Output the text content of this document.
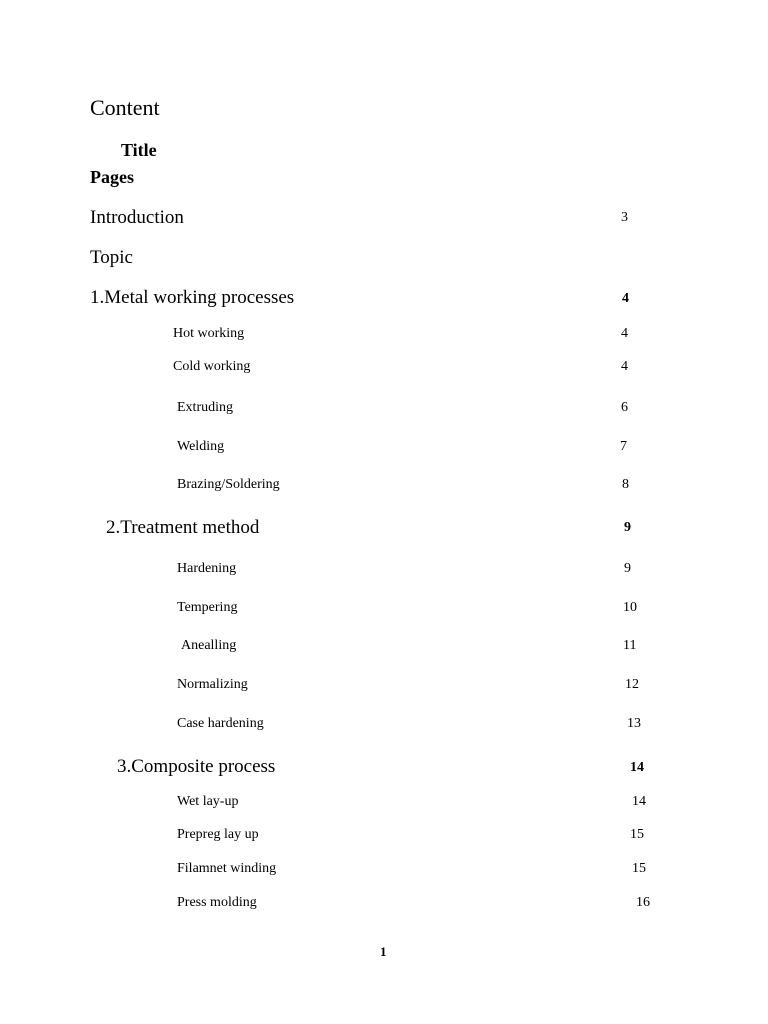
Content
Title
Pages
Introduction	3
Topic
1.Metal working processes	4
Hot working	4
Cold working	4
Extruding	6
Welding	7
Brazing/Soldering	8
2.Treatment method	9
Hardening	9
Tempering	10
Anealling	11
Normalizing	12
Case hardening	13
3.Composite process	14
Wet lay-up	14
Prepreg lay up	15
Filamnet winding	15
Press molding	16
1
